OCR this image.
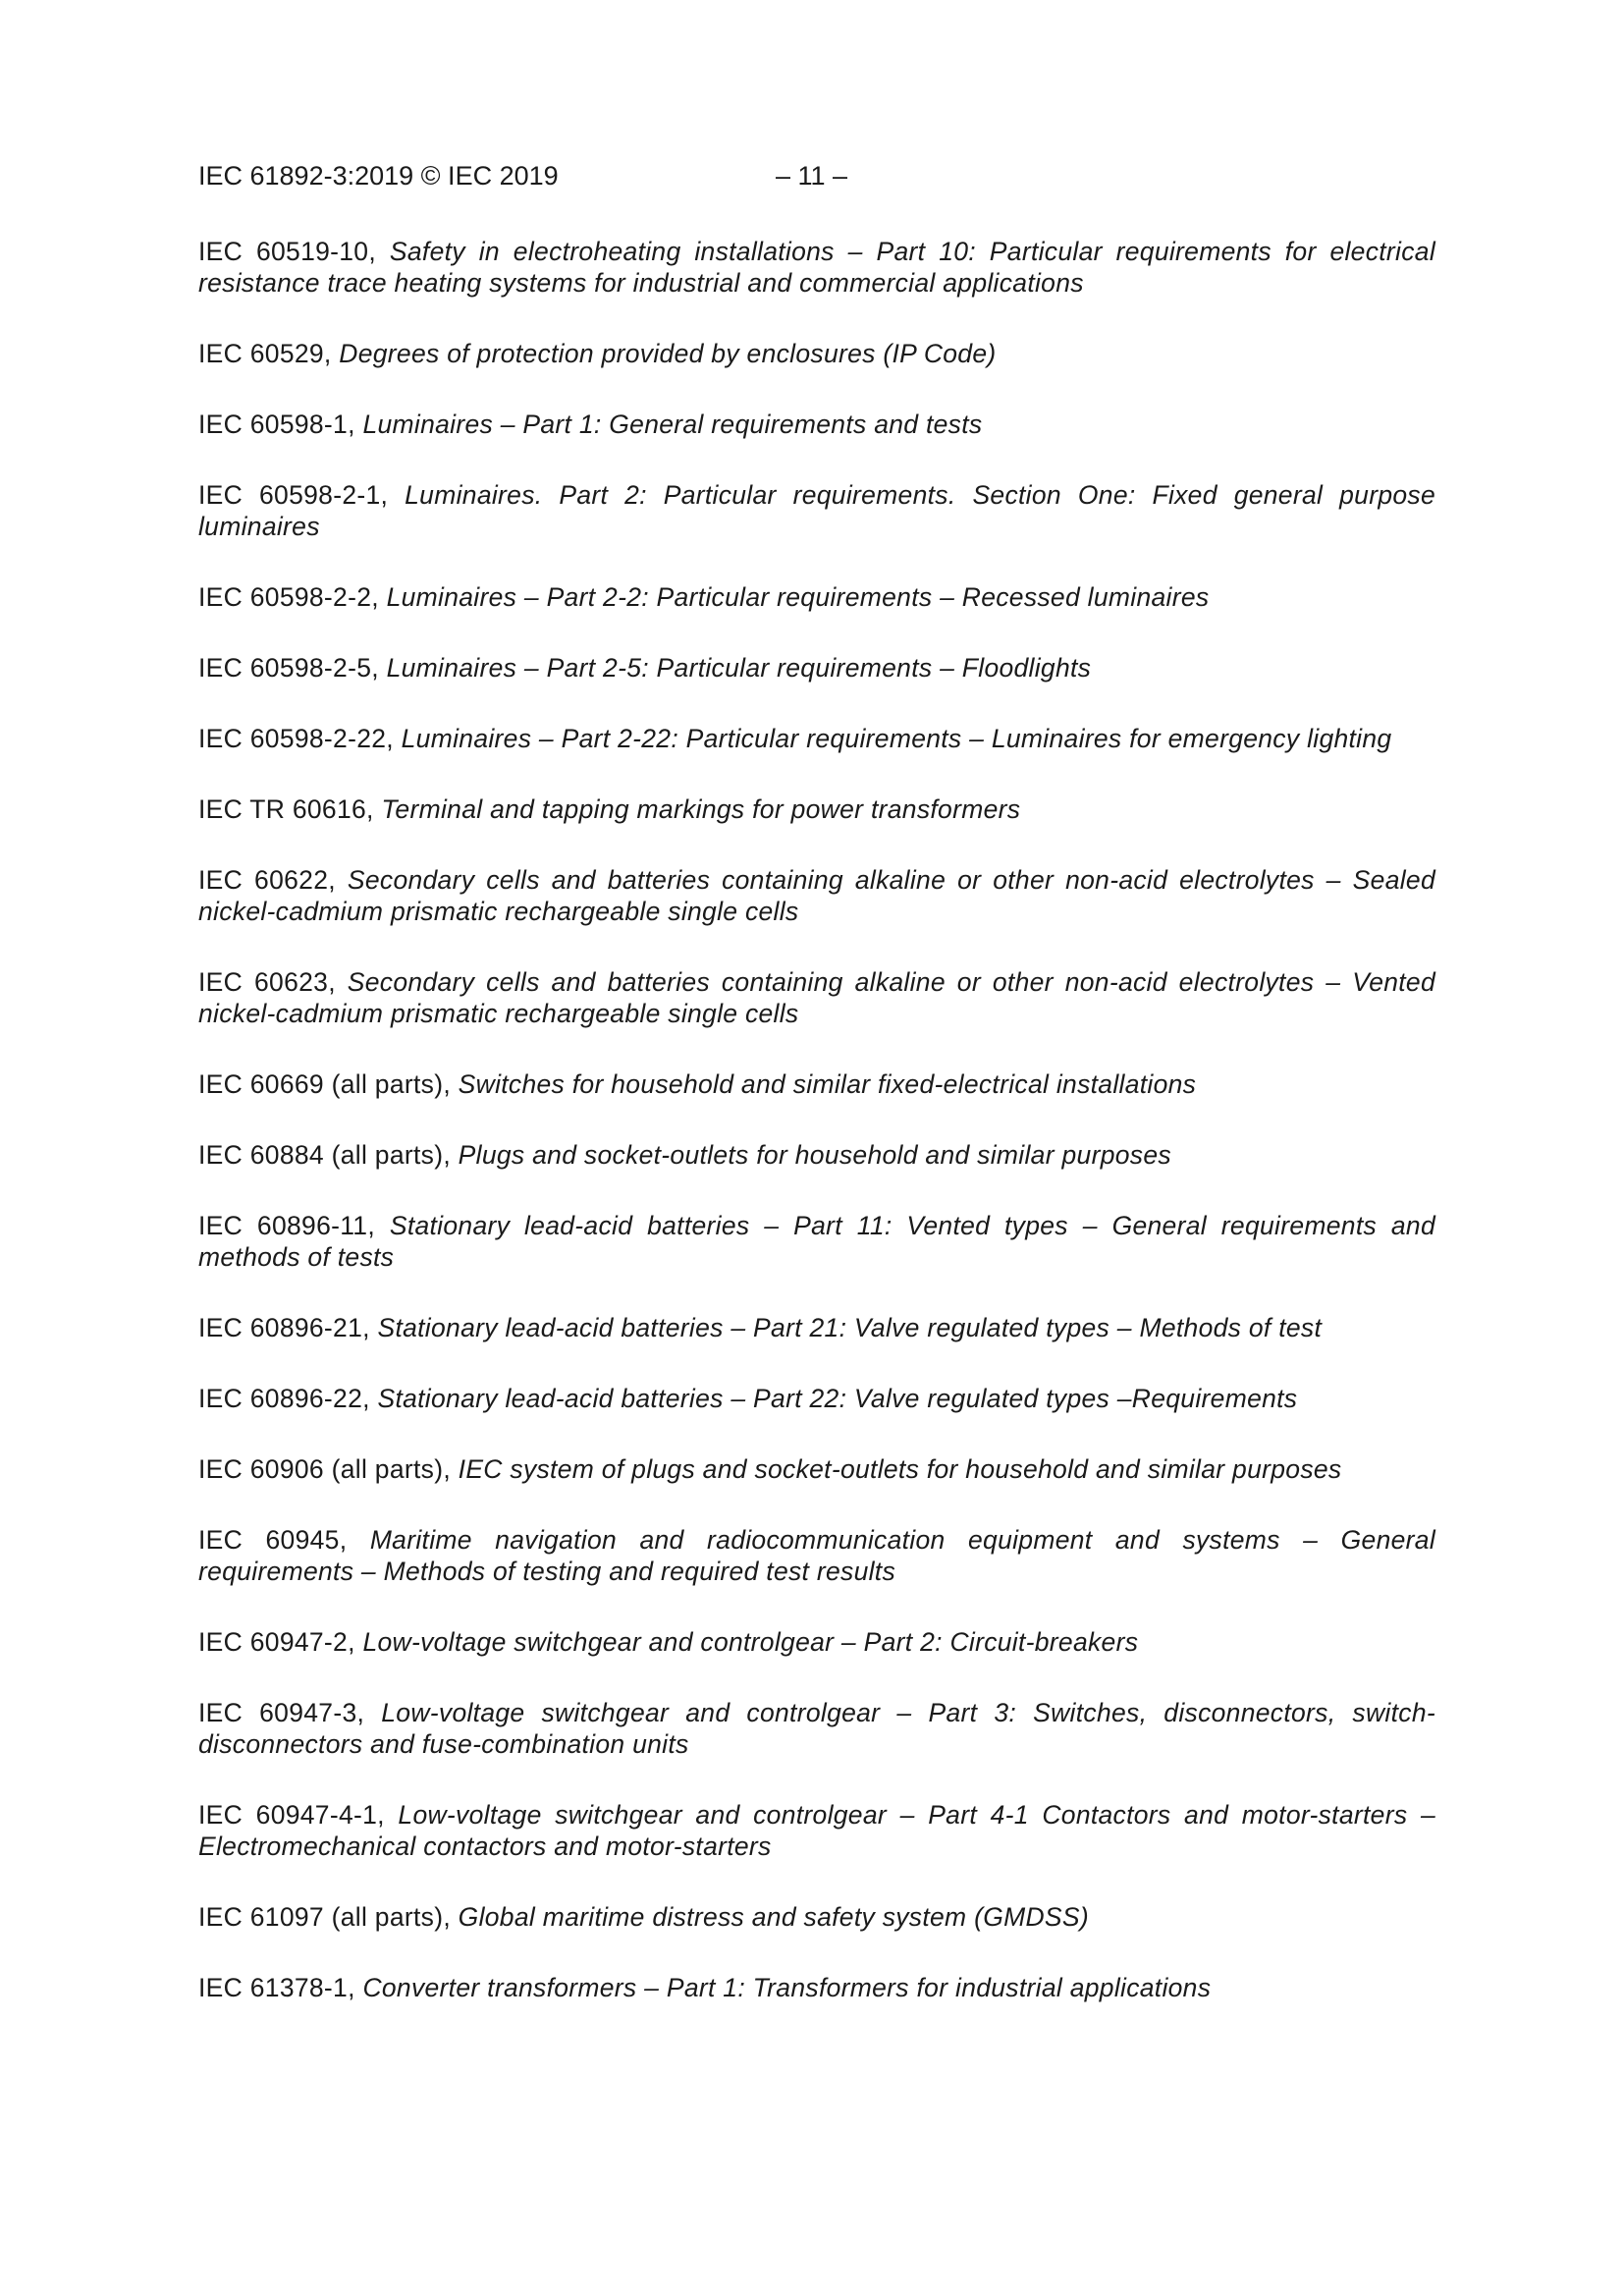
IEC 61892-3:2019 © IEC 2019	– 11 –

IEC 60519-10, Safety in electroheating installations – Part 10: Particular requirements for electrical resistance trace heating systems for industrial and commercial applications

IEC 60529, Degrees of protection provided by enclosures (IP Code)

IEC 60598-1, Luminaires – Part 1: General requirements and tests

IEC 60598-2-1, Luminaires. Part 2: Particular requirements. Section One: Fixed general purpose luminaires

IEC 60598-2-2, Luminaires – Part 2-2: Particular requirements – Recessed luminaires

IEC 60598-2-5, Luminaires – Part 2-5: Particular requirements – Floodlights

IEC 60598-2-22, Luminaires – Part 2-22: Particular requirements – Luminaires for emergency lighting

IEC TR 60616, Terminal and tapping markings for power transformers

IEC 60622, Secondary cells and batteries containing alkaline or other non-acid electrolytes – Sealed nickel-cadmium prismatic rechargeable single cells

IEC 60623, Secondary cells and batteries containing alkaline or other non-acid electrolytes – Vented nickel-cadmium prismatic rechargeable single cells

IEC 60669 (all parts), Switches for household and similar fixed-electrical installations

IEC 60884 (all parts), Plugs and socket-outlets for household and similar purposes

IEC 60896-11, Stationary lead-acid batteries – Part 11: Vented types – General requirements and methods of tests

IEC 60896-21, Stationary lead-acid batteries – Part 21: Valve regulated types – Methods of test

IEC 60896-22, Stationary lead-acid batteries – Part 22: Valve regulated types –Requirements

IEC 60906 (all parts), IEC system of plugs and socket-outlets for household and similar purposes

IEC 60945, Maritime navigation and radiocommunication equipment and systems – General requirements – Methods of testing and required test results

IEC 60947-2, Low-voltage switchgear and controlgear – Part 2: Circuit-breakers

IEC 60947-3, Low-voltage switchgear and controlgear – Part 3: Switches, disconnectors, switch-disconnectors and fuse-combination units

IEC 60947-4-1, Low-voltage switchgear and controlgear – Part 4-1 Contactors and motor-starters – Electromechanical contactors and motor-starters

IEC 61097 (all parts), Global maritime distress and safety system (GMDSS)

IEC 61378-1, Converter transformers – Part 1: Transformers for industrial applications
